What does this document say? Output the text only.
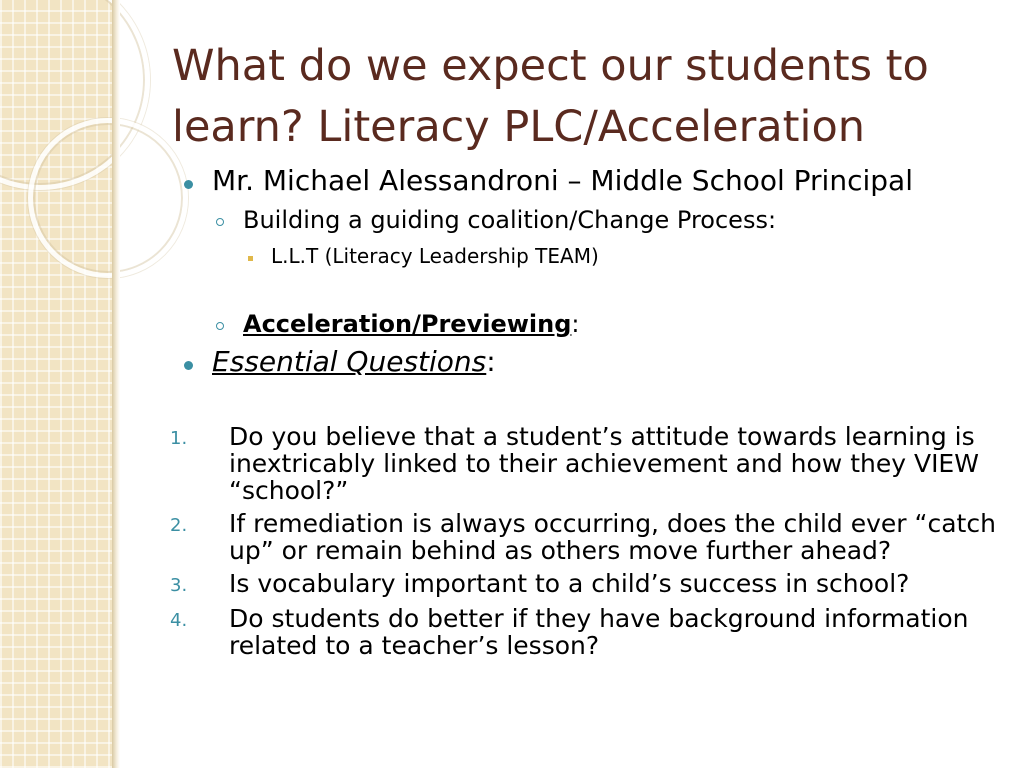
What do we expect our students to learn? Literacy PLC/Acceleration
Mr. Michael Alessandroni – Middle School Principal
Building a guiding coalition/Change Process:
L.L.T (Literacy Leadership TEAM)
Acceleration/Previewing:
Essential Questions:
1.	Do you believe that a student’s attitude towards learning is inextricably linked to their achievement and how they VIEW “school?”
2.	If remediation is always occurring, does the child ever “catch up” or remain behind as others move further ahead?
3.	Is vocabulary important to a child’s success in school?
4.	Do students do better if they have background information related to a teacher’s lesson?
